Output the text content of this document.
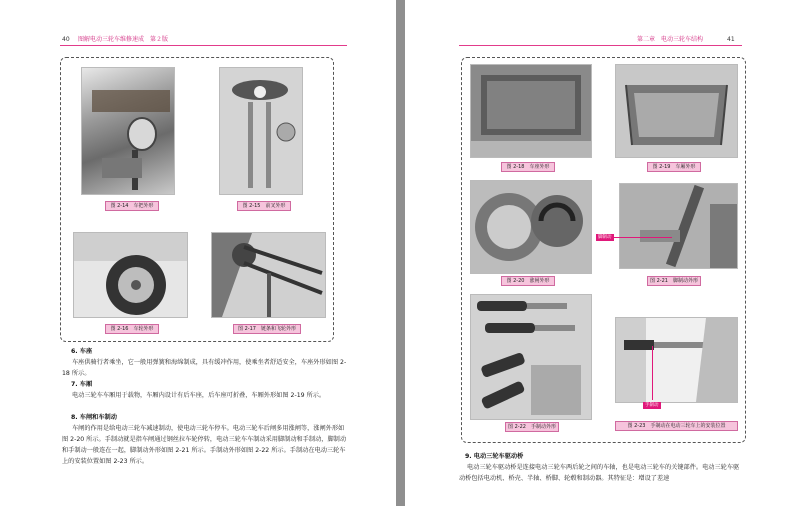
40 图解电动三轮车维修速成　第２版
图 2-14　车把外形	图 2-15　前叉外形
图 2-16　车轮外形	图 2-17　链条和飞轮外形
6. 车座
车座供骑行者乘坐，它一般用弹簧和海绵制成，具有缓冲作用，使乘坐者舒适安全，车座外形如图 2-18 所示。
7. 车厢
电动三轮车车厢用于载物，车厢内设计有后车座，后车座可折叠，车厢外形如图 2-19 所示。
8. 车闸和车制动
车闸的作用是给电动三轮车减速制动，使电动三轮车停车。电动三轮车后闸多用涨闸等，涨闸外形如图 2-20 所示。手制动就是指车闸通过钢丝拉车轮停转，电动三轮车车制动采用脚制动和手制动，脚制动和手制动一般连在一起，脚制动外形如图 2-21 所示。手制动外形如图 2-22 所示。手制动在电动三轮车上的安装位置如图 2-23 所示。
第二章　电动三轮车结构	41
图 2-18　车座外形	图 2-19　车厢外形
图 2-20　涨闸外形
脚制动
图 2-21　脚制动外形
图 2-22　手制动外形
手制动
图 2-23　手制动在电动三轮车上的安装位置
9. 电动三轮车驱动桥
电动三轮车驱动桥是连接电动三轮车两后轮之间的车轴，也是电动三轮车的关键部件。电动三轮车驱动桥包括电动机、桥壳、半轴、桥脚、轮毂和制动器。其特征是：增设了差速
